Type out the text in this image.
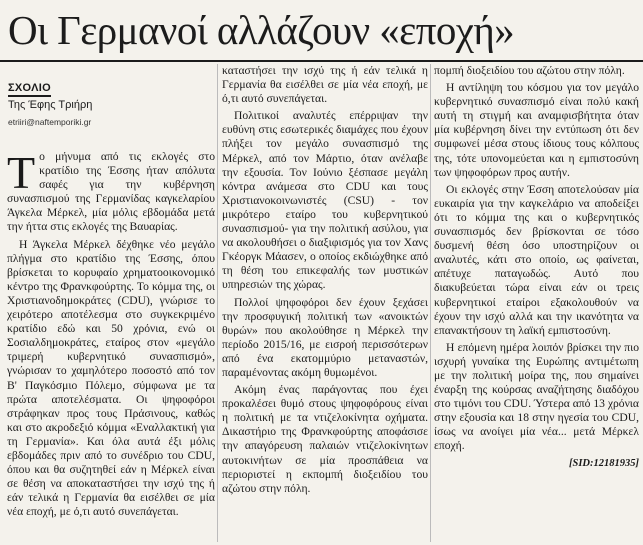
Οι Γερμανοί αλλάζουν «εποχή»
ΣΧΟΛΙΟ
Της Έφης Τριήρη
etriiri@naftemporiki.gr

Το μήνυμα από τις εκλογές στο κρατίδιο της Έσσης ήταν απόλυτα σαφές για την κυβέρνηση συνασπισμού της Γερμανίδας καγκελαρίου Άγκελα Μέρκελ, μία μόλις εβδομάδα μετά την ήττα στις εκλογές της Βαυαρίας.

Η Άγκελα Μέρκελ δέχθηκε νέο μεγάλο πλήγμα στο κρατίδιο της Έσσης, όπου βρίσκεται το κορυφαίο χρηματοοικονομικό κέντρο της Φρανκφούρτης. Το κόμμα της, οι Χριστιανοδημοκράτες (CDU), γνώρισε το χειρότερο αποτέλεσμα στο συγκεκριμένο κρατίδιο εδώ και 50 χρόνια, ενώ οι Σοσιαλδημοκράτες, εταίρος στον «μεγάλο τριμερή κυβερνητικό συνασπισμό», γνώρισαν το χαμηλότερο ποσοστό από τον Β' Παγκόσμιο Πόλεμο, σύμφωνα με τα πρώτα αποτελέσματα. Οι ψηφοφόροι στράφηκαν προς τους Πράσινους, καθώς και στο ακροδεξιό κόμμα «Εναλλακτική για τη Γερμανία». Και όλα αυτά έξι μόλις εβδομάδες πριν από το συνέδριο του CDU, όπου και θα συζητηθεί εάν η Μέρκελ είναι σε θέση να αποκαταστήσει την ισχύ της ή εάν τελικά η Γερμανία θα εισέλθει σε μία νέα εποχή, με ό,τι αυτό συνεπάγεται.

καταστήσει την ισχύ της ή εάν τελικά η Γερμανία θα εισέλθει σε μία νέα εποχή, με ό,τι αυτό συνεπάγεται.

Πολιτικοί αναλυτές επέρριψαν την ευθύνη στις εσωτερικές διαμάχες που έχουν πλήξει τον μεγάλο συνασπισμό της Μέρκελ, από τον Μάρτιο, όταν ανέλαβε την εξουσία. Τον Ιούνιο ξέσπασε μεγάλη κόντρα ανάμεσα στο CDU και τους Χριστιανοκοινωνιστές (CSU) - τον μικρότερο εταίρο του κυβερνητικού συνασπισμού- για την πολιτική ασύλου, για να ακολουθήσει ο διαξιφισμός για τον Χανς Γκέοργκ Μάασεν, ο οποίος εκδιώχθηκε από τη θέση του επικεφαλής των μυστικών υπηρεσιών της χώρας.

Πολλοί ψηφοφόροι δεν έχουν ξεχάσει την προσφυγική πολιτική των «ανοικτών θυρών» που ακολούθησε η Μέρκελ την περίοδο 2015/16, με εισροή περισσότερων από ένα εκατομμύριο μεταναστών, παραμένοντας ακόμη θυμωμένοι.

Ακόμη ένας παράγοντας που έχει προκαλέσει θυμό στους ψηφοφόρους είναι η πολιτική με τα ντιζελοκίνητα οχήματα. Δικαστήριο της Φρανκφούρτης αποφάσισε την απαγόρευση παλαιών ντιζελοκίνητων αυτοκινήτων σε μία προσπάθεια να περιοριστεί η εκπομπή διοξειδίου του αζώτου στην πόλη.

πομπή διοξειδίου του αζώτου στην πόλη.

Η αντίληψη του κόσμου για τον μεγάλο κυβερνητικό συνασπισμό είναι πολύ κακή αυτή τη στιγμή και αναμφισβήτητα όταν μία κυβέρνηση δίνει την εντύπωση ότι δεν συμφωνεί μέσα στους ίδιους τους κόλπους της, τότε υπονομεύεται και η εμπιστοσύνη των ψηφοφόρων προς αυτήν.

Οι εκλογές στην Έσση αποτελούσαν μία ευκαιρία για την καγκελάριο να αποδείξει ότι το κόμμα της και ο κυβερνητικός συνασπισμός δεν βρίσκονται σε τόσο δυσμενή θέση όσο υποστηρίζουν οι αναλυτές, κάτι στο οποίο, ως φαίνεται, απέτυχε παταγωδώς. Αυτό που διακυβεύεται τώρα είναι εάν οι τρεις κυβερνητικοί εταίροι εξακολουθούν να έχουν την ισχύ αλλά και την ικανότητα να επανακτήσουν τη λαϊκή εμπιστοσύνη.

Η επόμενη ημέρα λοιπόν βρίσκει την πιο ισχυρή γυναίκα της Ευρώπης αντιμέτωπη με την πολιτική μοίρα της, που σημαίνει έναρξη της κούρσας αναζήτησης διαδόχου στο τιμόνι του CDU. Ύστερα από 13 χρόνια στην εξουσία και 18 στην ηγεσία του CDU, ίσως να ανοίγει μία νέα... μετά Μέρκελ εποχή.

[SID:12181935]
